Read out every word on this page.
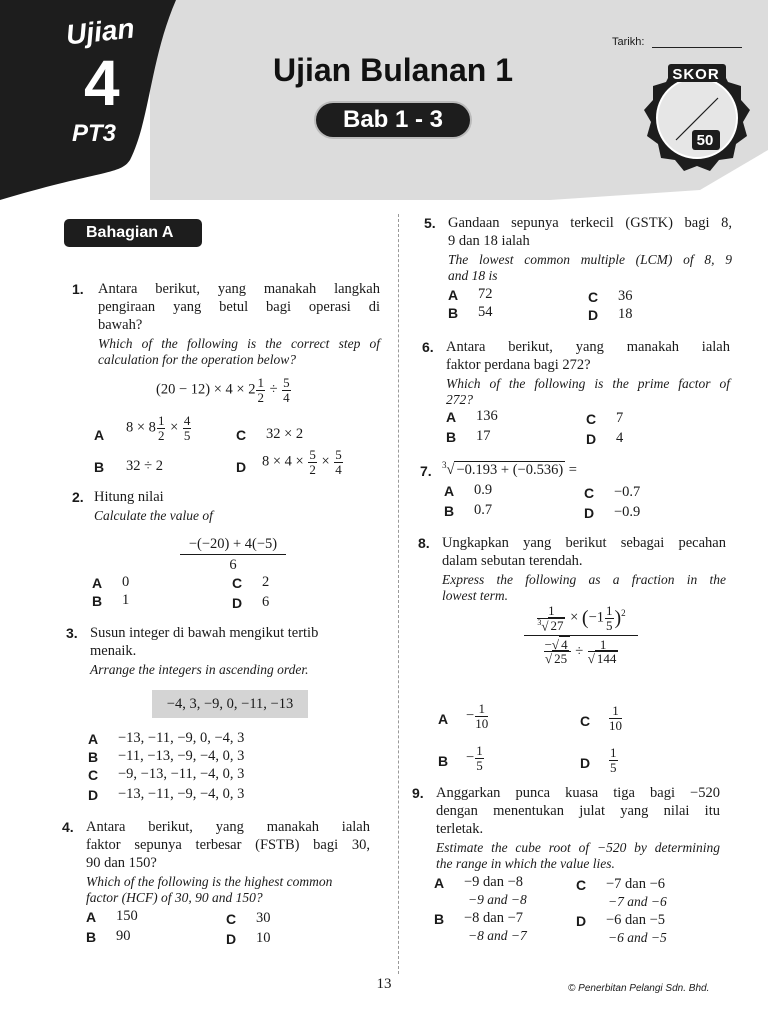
Ujian
4
PT3
Tarikh:
Ujian Bulanan 1
Bab 1 - 3
SKOR
50
Bahagian A
1. Antara berikut, yang manakah langkah
pengiraan yang betul bagi operasi di
bawah?
Which of the following is the correct step of
calculation for the operation below?
$(20 - 12) \times 4 \times 2 \frac{1}{2} \div \frac{5}{4}$
A $8 \times 8 \frac{1}{2} \times \frac{4}{5}$	C 32 × 2
B 32 ÷ 2	D $8 \times 4 \times \frac{5}{2} \times \frac{5}{4}$
2. Hitung nilai
Calculate the value of
−(−20) + 4(−5)
6
A 0
B 1
C 2
D 6
3. Susun integer di bawah mengikut tertib
menaik.
Arrange the integers in ascending order.
−4, 3, −9, 0, −11, −13
A −13, −11, −9, 0, −4, 3
B −11, −13, −9, −4, 0, 3
C −9, −13, −11, −4, 0, 3
D −13, −11, −9, −4, 0, 3
4. Antara berikut, yang manakah ialah
faktor sepunya terbesar (FSTB) bagi 30,
90 dan 150?
Which of the following is the highest common
factor (HCF) of 30, 90 and 150?
A 150
B 90
C 30
D 10
5. Gandaan sepunya terkecil (GSTK) bagi 8,
9 dan 18 ialah
The lowest common multiple (LCM) of 8, 9
and 18 is
A 72
B 54
C 36
D 18
6. Antara berikut, yang manakah ialah
faktor perdana bagi 272?
Which of the following is the prime factor of
272?
A 136
B 17
C 7
D 4
7. $^3$√ −0.193 + (−0.536) =
A 0.9
B 0.7
C −0.7
D −0.9
8. Ungkapkan yang berikut sebagai pecahan
dalam sebutan terendah.
Express the following as a fraction in the
lowest term.
$\frac{1}{^3√ 27} \times (-1 \frac{1}{5} )^2$
$\frac{-√ 4}{√ 25} \div \frac{1}{√ 144}$
$A - \frac{1}{10}$
$B - \frac{1}{5}$
C $\frac{1}{10}$
D $\frac{1}{5}$
9. Anggarkan punca kuasa tiga bagi −520
dengan menentukan julat yang nilai itu
terletak.
Estimate the cube root of −520 by determining
the range in which the value lies.
A −9 dan −8
−9 and −8
B −8 dan −7
−8 and −7
C −7 dan −6
−7 and −6
D −6 dan −5
−6 and −5
13	© Penerbitan Pelangi Sdn. Bhd.
